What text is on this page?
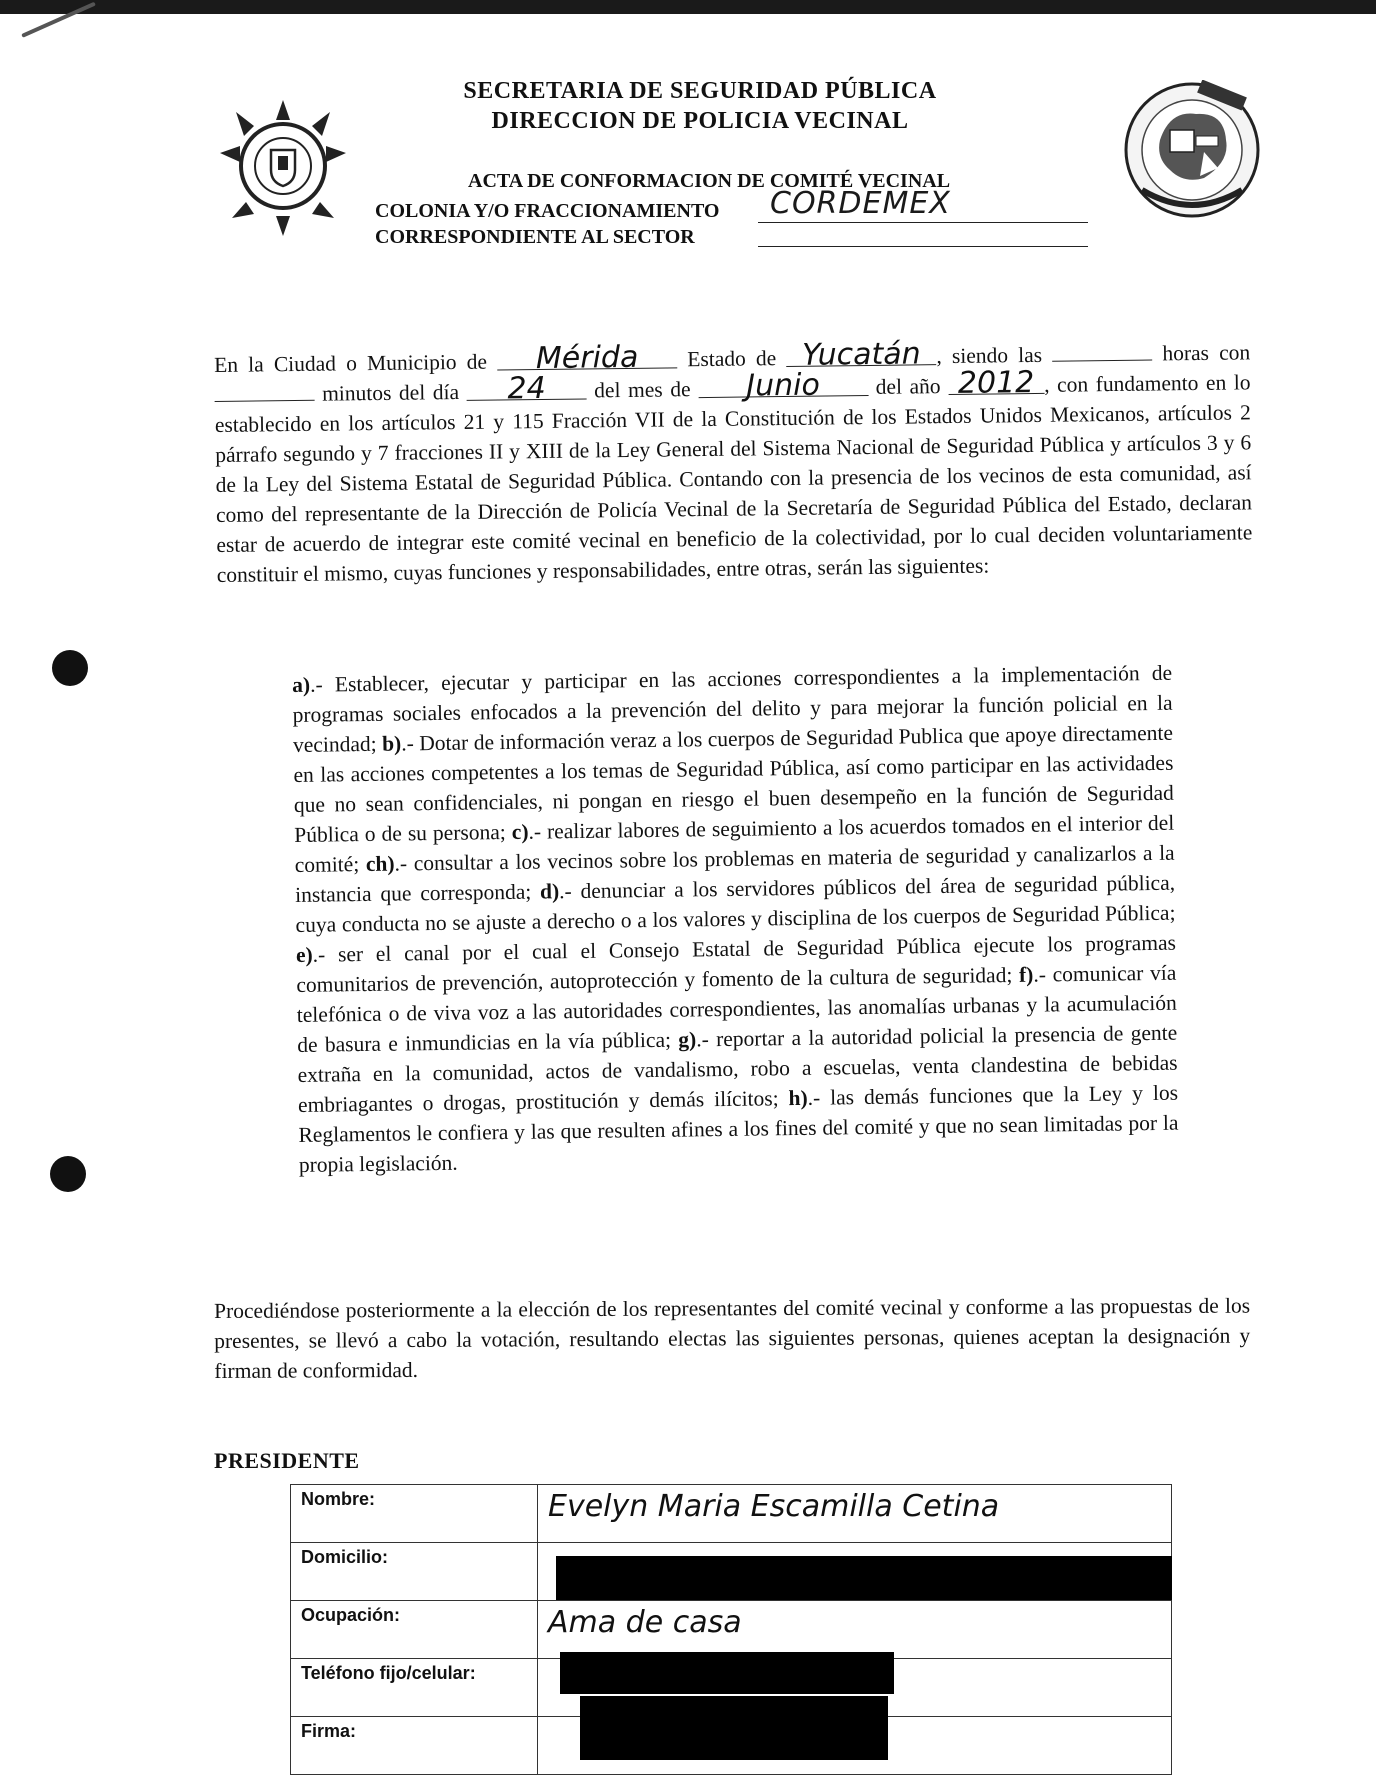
SECRETARIA DE SEGURIDAD PÚBLICA
DIRECCION DE POLICIA VECINAL
ACTA DE CONFORMACION DE COMITÉ VECINAL
COLONIA Y/O FRACCIONAMIENTO CORDEMEX
CORRESPONDIENTE AL SECTOR
En la Ciudad o Municipio de Mérida Estado de Yucatán , siendo las	horas con  minutos del día 24 del mes de Junio	del año 2012 , con fundamento en lo establecido en los artículos 21 y 115 Fracción VII de la Constitución de los Estados Unidos Mexicanos, artículos 2 párrafo segundo y 7 fracciones II y XIII de la Ley General del Sistema Nacional de Seguridad Pública y artículos 3 y 6 de la Ley del Sistema Estatal de Seguridad Pública. Contando con la presencia de los vecinos de esta comunidad, así como del representante de la Dirección de Policía Vecinal de la Secretaría de Seguridad Pública del Estado, declaran estar de acuerdo de integrar este comité vecinal en beneficio de la colectividad, por lo cual deciden voluntariamente constituir el mismo, cuyas funciones y responsabilidades, entre otras, serán las siguientes:
a).- Establecer, ejecutar y participar en las acciones correspondientes a la implementación de programas sociales enfocados a la prevención del delito y para mejorar la función policial en la vecindad; b).- Dotar de información veraz a los cuerpos de Seguridad Publica que apoye directamente en las acciones competentes a los temas de Seguridad Pública, así como participar en las actividades que no sean confidenciales, ni pongan en riesgo el buen desempeño en la función de Seguridad Pública o de su persona; c).- realizar labores de seguimiento a los acuerdos tomados en el interior del comité; ch).- consultar a los vecinos sobre los problemas en materia de seguridad y canalizarlos a la instancia que corresponda; d).- denunciar a los servidores públicos del área de seguridad pública, cuya conducta no se ajuste a derecho o a los valores y disciplina de los cuerpos de Seguridad Pública; e).- ser el canal por el cual el Consejo Estatal de Seguridad Pública ejecute los programas comunitarios de prevención, autoprotección y fomento de la cultura de seguridad; f).- comunicar vía telefónica o de viva voz a las autoridades correspondientes, las anomalías urbanas y la acumulación de basura e inmundicias en la vía pública; g).- reportar a la autoridad policial la presencia de gente extraña en la comunidad, actos de vandalismo, robo a escuelas, venta clandestina de bebidas embriagantes o drogas, prostitución y demás ilícitos; h).- las demás funciones que la Ley y los Reglamentos le confiera y las que resulten afines a los fines del comité y que no sean limitadas por la propia legislación.
Procediéndose posteriormente a la elección de los representantes del comité vecinal y conforme a las propuestas de los presentes, se llevó a cabo la votación, resultando electas las siguientes personas, quienes aceptan la designación y firman de conformidad.
PRESIDENTE
Nombre:	Evelyn Maria Escamilla Cetina
Domicilio:	
Ocupación:	Ama de casa
Teléfono fijo/celular:	
Firma:	
